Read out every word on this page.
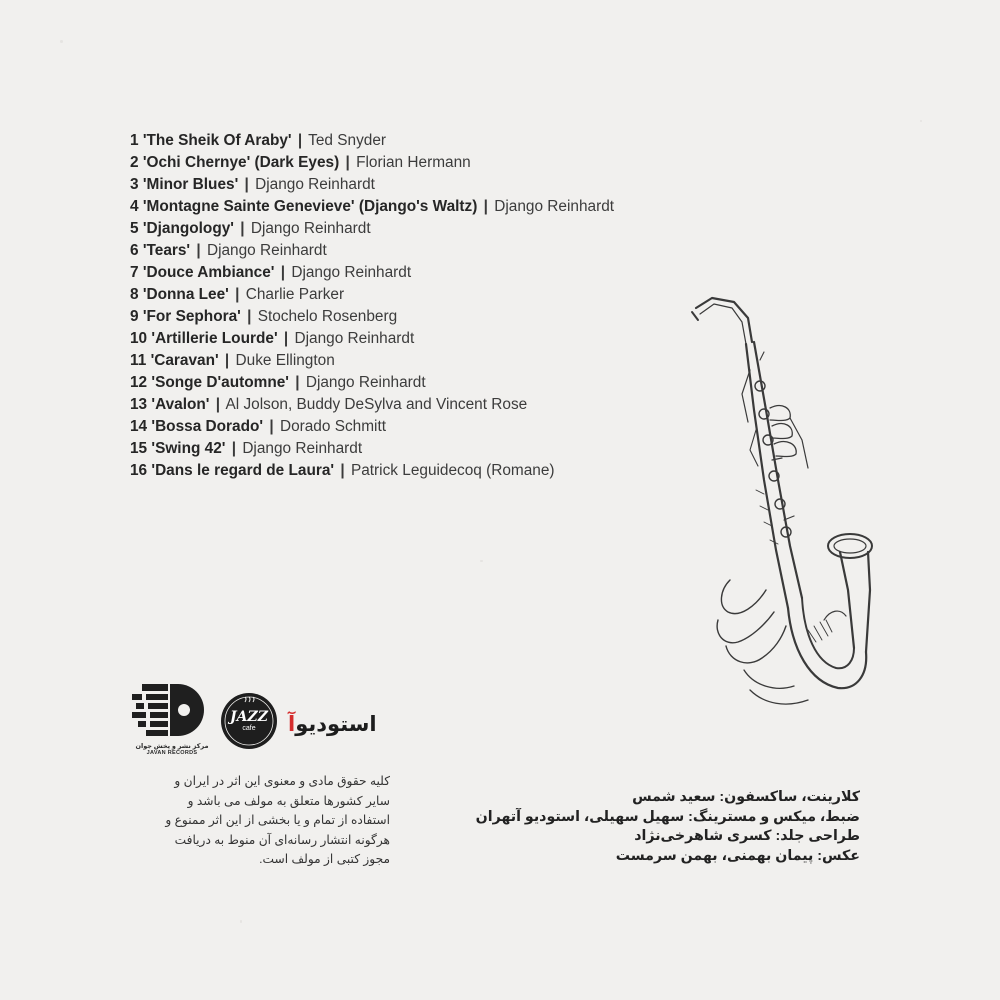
1 'The Sheik Of Araby' | Ted Snyder
2 'Ochi Chernye' (Dark Eyes) | Florian Hermann
3 'Minor Blues' | Django Reinhardt
4 'Montagne Sainte Genevieve' (Django's Waltz) | Django Reinhardt
5 'Djangology' | Django Reinhardt
6 'Tears' | Django Reinhardt
7 'Douce Ambiance' | Django Reinhardt
8 'Donna Lee' | Charlie Parker
9 'For Sephora' | Stochelo Rosenberg
10 'Artillerie Lourde' | Django Reinhardt
11 'Caravan' | Duke Ellington
12 'Songe D'automne' | Django Reinhardt
13 'Avalon' | Al Jolson, Buddy DeSylva and Vincent Rose
14 'Bossa Dorado' | Dorado Schmitt
15 'Swing 42' | Django Reinhardt
16 'Dans le regard de Laura' | Patrick Leguidecoq (Romane)
مرکز نشر و پخش جوان
JAVAN RECORDS
JAZZ
cafe	استودیوآ
کلیه حقوق مادی و معنوی این اثر در ایران و
سایر کشورها متعلق به مولف می باشد و
استفاده از تمام و یا بخشی از این اثر ممنوع و
هرگونه انتشار رسانه‌ای آن منوط به دریافت
مجوز کتبی از مولف است.
کلارینت، ساکسفون: سعید شمس
ضبط، میکس و مسترینگ: سهیل سهیلی، استودیو آتهران
طراحی جلد: کسری شاهرخی‌نژاد
عکس: پیمان بهمنی، بهمن سرمست
